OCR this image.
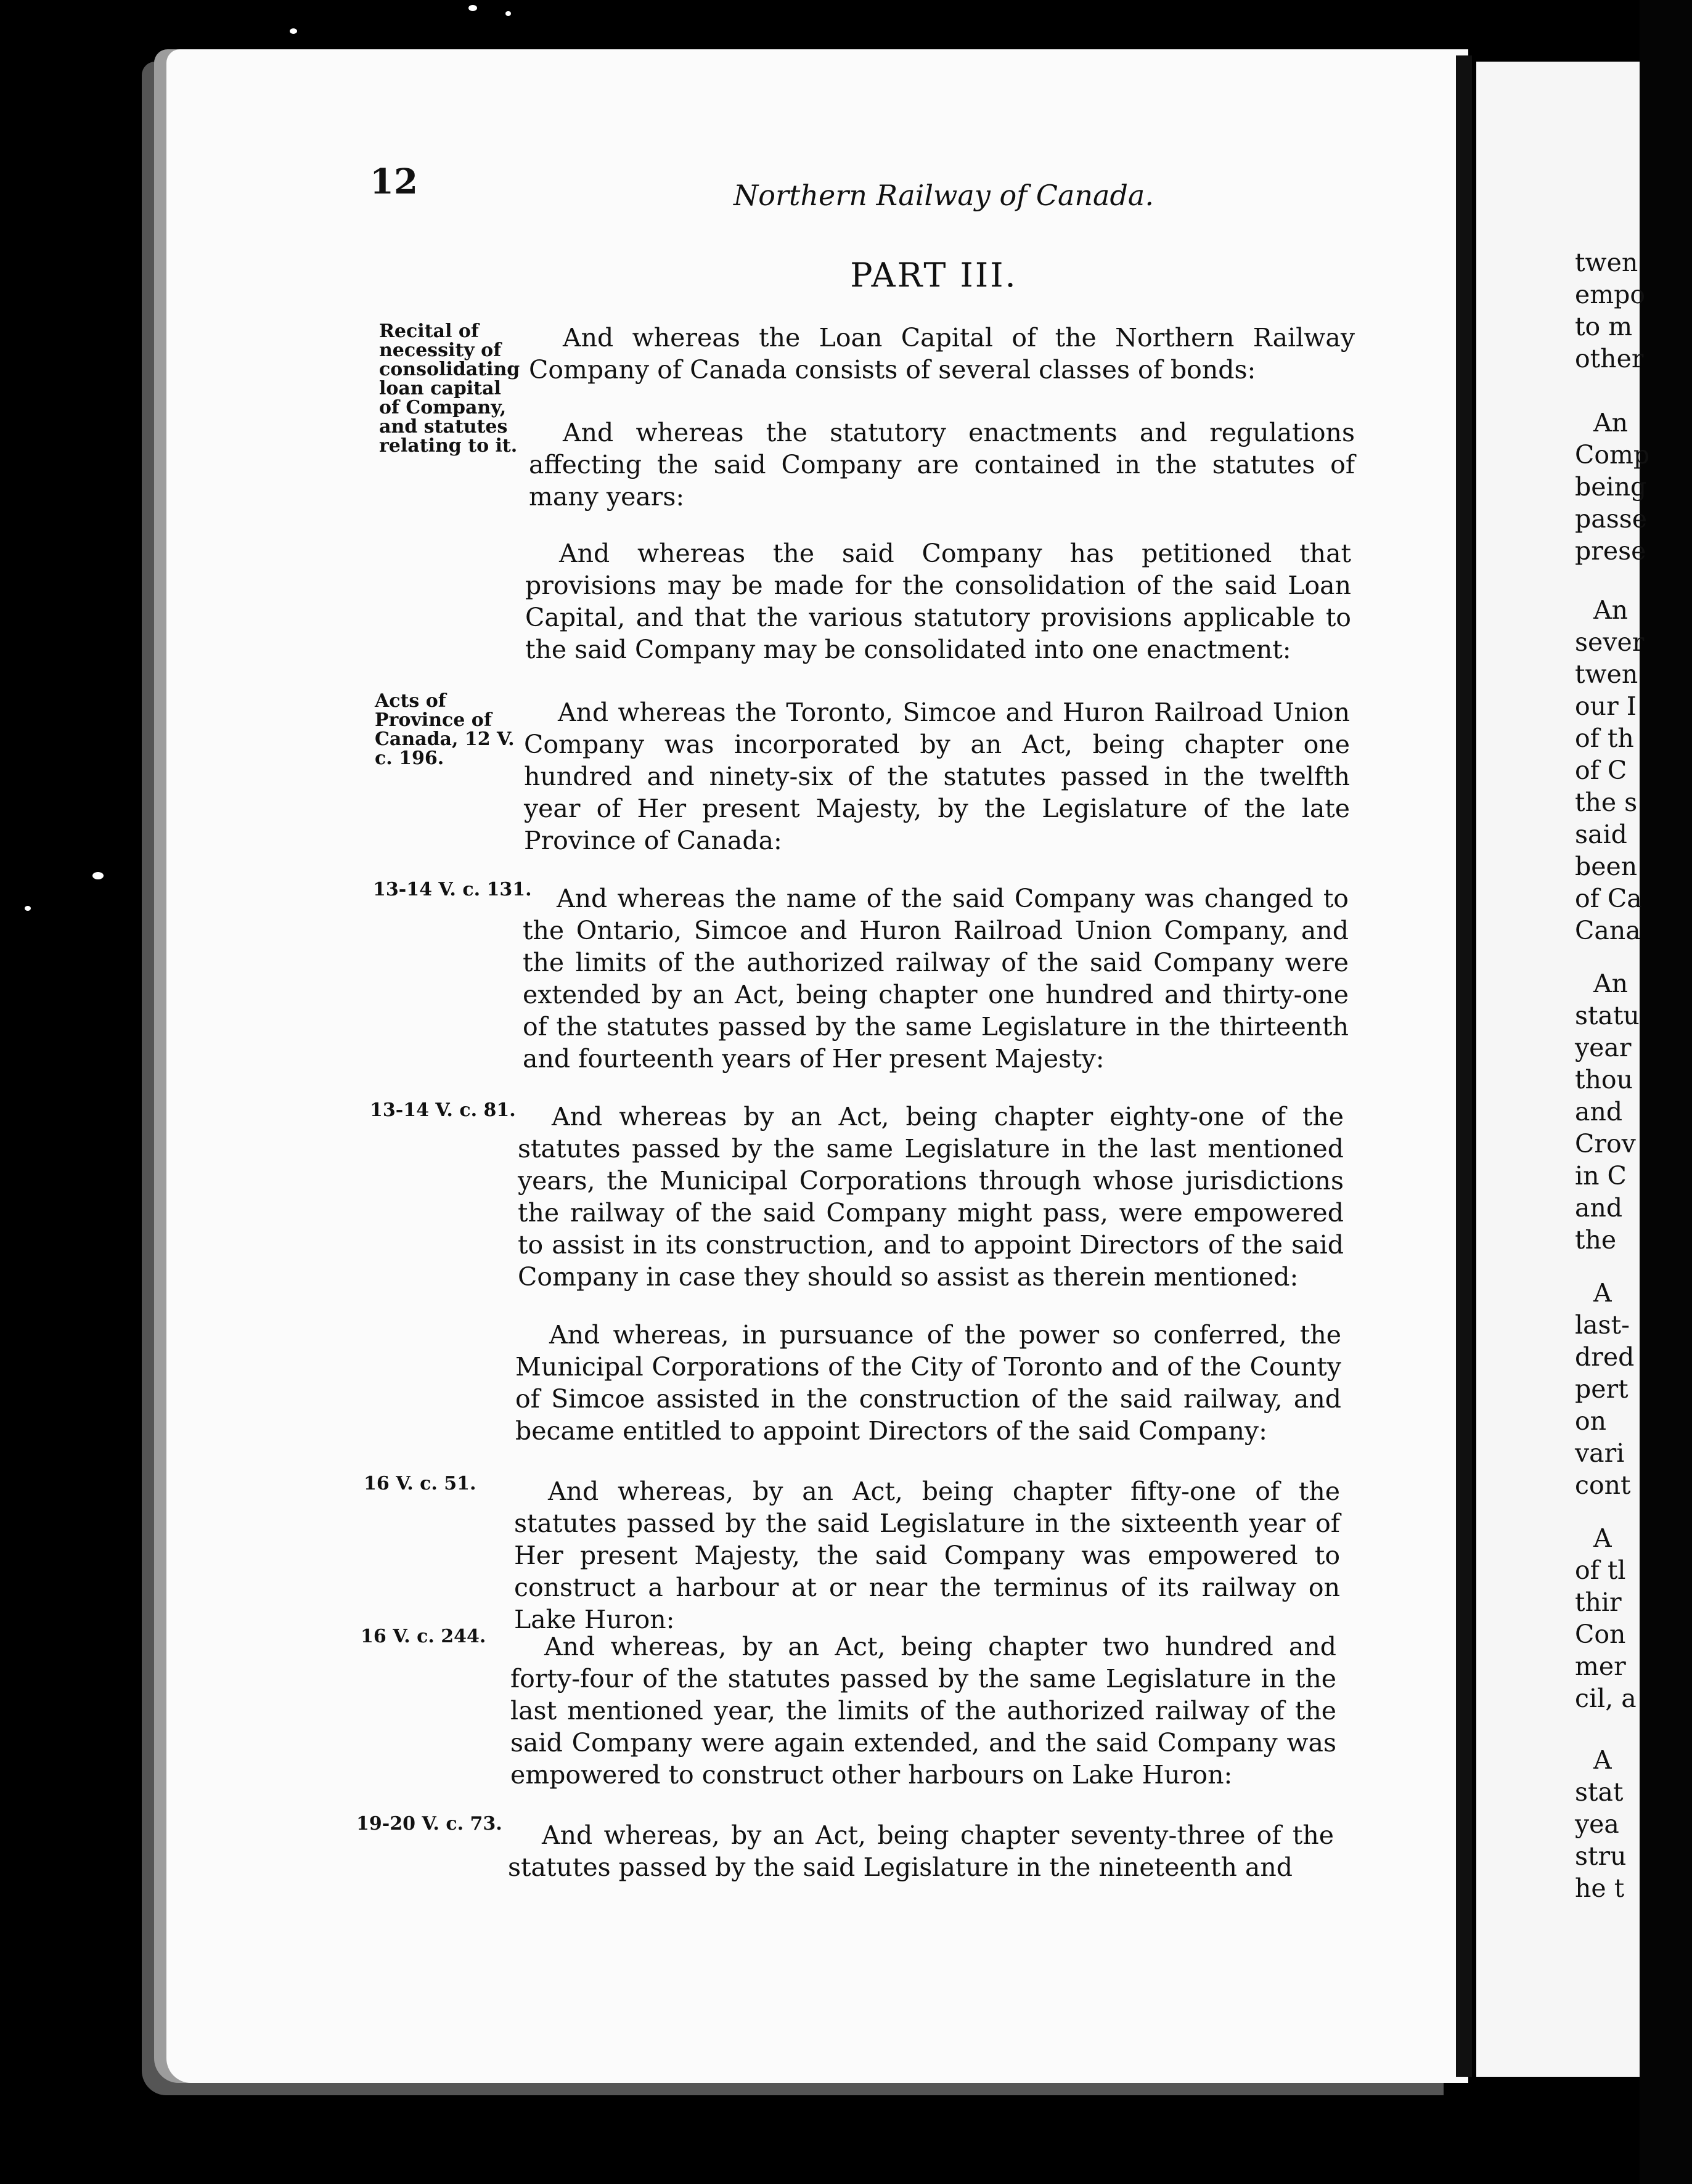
12	Northern Railway of Canada.
PART III.
Recital of necessity of consolidating loan capital of Company, and statutes relating to it.
Acts of Province of Canada, 12 V. c. 196.
13-14 V. c. 131.
13-14 V. c. 81.
16 V. c. 51.
16 V. c. 244.
19-20 V. c. 73.

And whereas the Loan Capital of the Northern Railway Company of Canada consists of several classes of bonds:

And whereas the statutory enactments and regulations affecting the said Company are contained in the statutes of many years:

And whereas the said Company has petitioned that provisions may be made for the consolidation of the said Loan Capital, and that the various statutory provisions applicable to the said Company may be consolidated into one enactment:

And whereas the Toronto, Simcoe and Huron Railroad Union Company was incorporated by an Act, being chapter one hundred and ninety-six of the statutes passed in the twelfth year of Her present Majesty, by the Legislature of the late Province of Canada:

And whereas the name of the said Company was changed to the Ontario, Simcoe and Huron Railroad Union Company, and the limits of the authorized railway of the said Company were extended by an Act, being chapter one hundred and thirty-one of the statutes passed by the same Legislature in the thirteenth and fourteenth years of Her present Majesty:

And whereas by an Act, being chapter eighty-one of the statutes passed by the same Legislature in the last mentioned years, the Municipal Corporations through whose jurisdictions the railway of the said Company might pass, were empowered to assist in its construction, and to appoint Directors of the said Company in case they should so assist as therein mentioned:

And whereas, in pursuance of the power so conferred, the Municipal Corporations of the City of Toronto and of the County of Simcoe assisted in the construction of the said railway, and became entitled to appoint Directors of the said Company:

And whereas, by an Act, being chapter fifty-one of the statutes passed by the said Legislature in the sixteenth year of Her present Majesty, the said Company was empowered to construct a harbour at or near the terminus of its railway on Lake Huron:

And whereas, by an Act, being chapter two hundred and forty-four of the statutes passed by the same Legislature in the last mentioned year, the limits of the authorized railway of the said Company were again extended, and the said Company was empowered to construct other harbours on Lake Huron:

And whereas, by an Act, being chapter seventy-three of the statutes passed by the said Legislature in the nineteenth and

twen
empo
to m
other
An
Comp
being
passe
prese
An
sever
twen
our I
of th
of C
the s
said
been
of Ca
Cana
An
statu
year
thou
and
Crov
in C
and
the
A
last-
dred
pert
on
vari
cont
A
of tl
thir
Con
mer
cil, a
A
stat
yea
stru
he t
